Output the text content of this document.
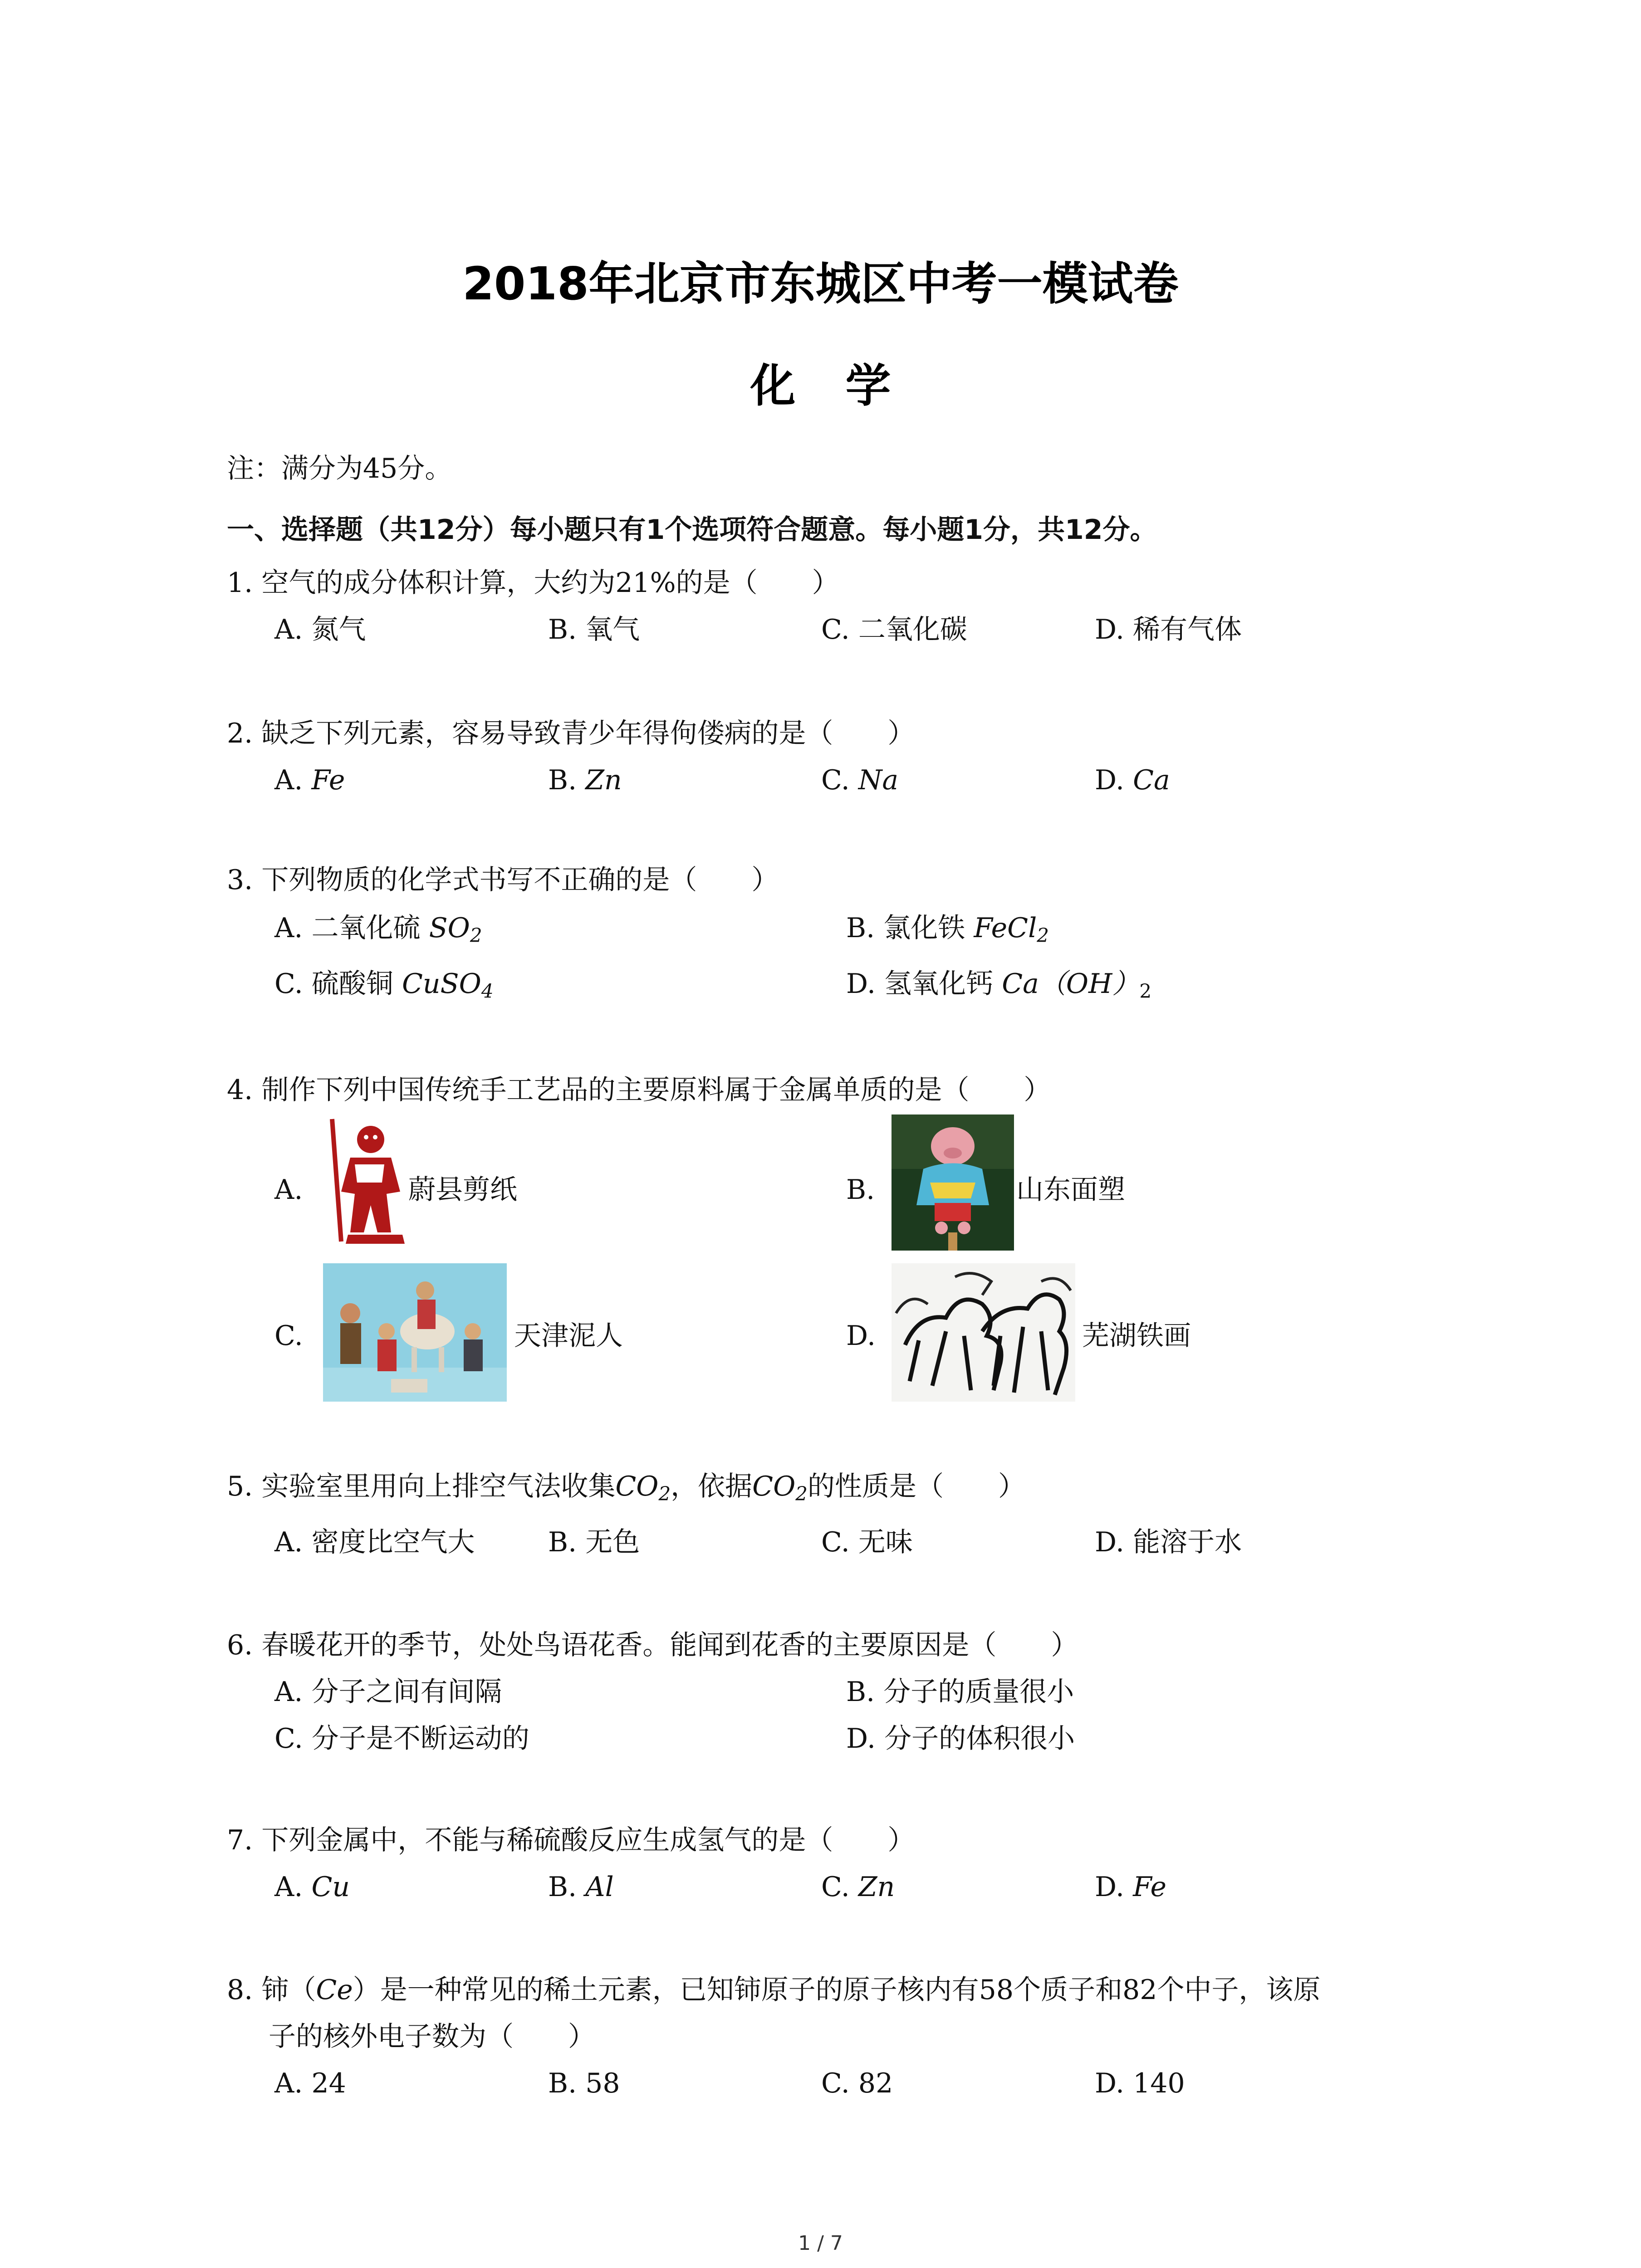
2018年北京市东城区中考一模试卷
化学
注：满分为45分。
一、选择题（共12分）每小题只有1个选项符合题意。每小题1分，共12分。
1. 空气的成分体积计算，大约为21%的是（　　）
A. 氮气	B. 氧气	C. 二氧化碳	D. 稀有气体
2. 缺乏下列元素，容易导致青少年得佝偻病的是（　　）
A. Fe	B. Zn	C. Na	D. Ca
3. 下列物质的化学式书写不正确的是（　　）
A. 二氧化硫 $SO_2$	B. 氯化铁 FeCl$_2$
C. 硫酸铜 CuSO$_4$	D. 氢氧化钙 $Ca(OH)_2$
4. 制作下列中国传统手工艺品的主要原料属于金属单质的是（　　）
A.	蔚县剪纸	B.	山东面塑
C.	天津泥人	D.	芜湖铁画
5. 实验室里用向上排空气法收集$CO_2$，依据$CO_2$的性质是（　　）
A. 密度比空气大	B. 无色	C. 无味	D. 能溶于水
6. 春暖花开的季节，处处鸟语花香。能闻到花香的主要原因是（　　）
A. 分子之间有间隔	B. 分子的质量很小
C. 分子是不断运动的	D. 分子的体积很小
7. 下列金属中，不能与稀硫酸反应生成氢气的是（　　）
A. Cu	B. Al	C. Zn	D. Fe
8. 铈（Ce）是一种常见的稀土元素，已知铈原子的原子核内有58个质子和82个中子，该原
子的核外电子数为（　　）
A. 24	B. 58	C. 82	D. 140
1 / 7
